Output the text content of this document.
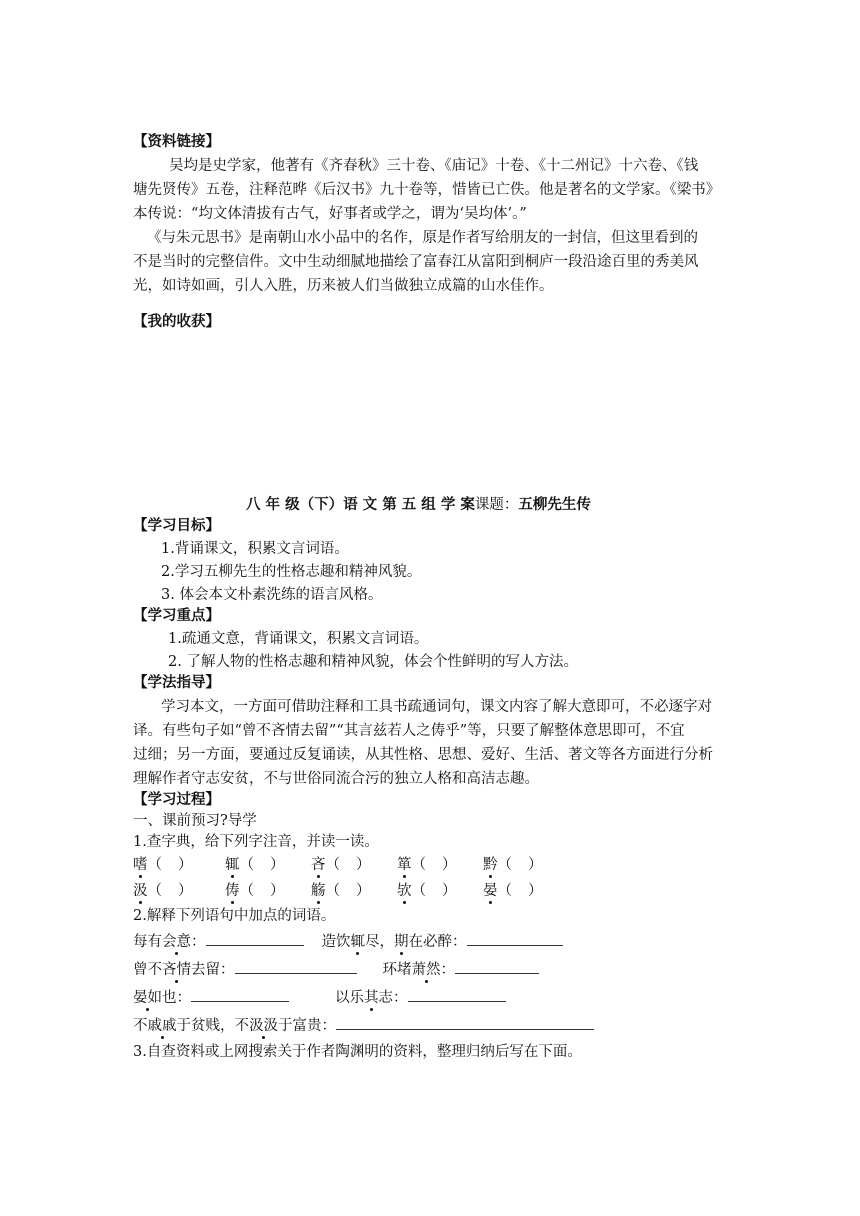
【资料链接】
吴均是史学家，他著有《齐春秋》三十卷、《庙记》十卷、《十二州记》十六卷、《钱
塘先贤传》五卷，注释范晔《后汉书》九十卷等，惜皆已亡佚。他是著名的文学家。《梁书》
本传说：“均文体清拔有古气，好事者或学之，谓为‘吴均体’。”
《与朱元思书》是南朝山水小品中的名作，原是作者写给朋友的一封信，但这里看到的
不是当时的完整信件。文中生动细腻地描绘了富春江从富阳到桐庐一段沿途百里的秀美风
光，如诗如画，引人入胜，历来被人们当做独立成篇的山水佳作。
【我的收获】
八 年 级（下）语 文 第 五 组 学 案课题：五柳先生传
【学习目标】
1.背诵课文，积累文言词语。
2.学习五柳先生的性格志趣和精神风貌。
3. 体会本文朴素洗练的语言风格。
【学习重点】
1.疏通文意，背诵课文，积累文言词语。
2. 了解人物的性格志趣和精神风貌，体会个性鲜明的写人方法。
【学法指导】
学习本文，一方面可借助注释和工具书疏通词句，课文内容了解大意即可，不必逐字对
译。有些句子如“曾不吝情去留”“其言兹若人之俦乎”等，只要了解整体意思即可，不宜
过细；另一方面，要通过反复诵读，从其性格、思想、爱好、生活、著文等各方面进行分析
理解作者守志安贫，不与世俗同流合污的独立人格和高洁志趣。
【学习过程】
一、课前预习?导学
1.查字典，给下列字注音，并读一读。
嗜（ ） 辄（ ） 吝（ ） 箪（ ） 黔（ ）
汲（ ） 俦（ ） 觞（ ） 欤（ ） 晏（ ）
2.解释下列语句中加点的词语。
每有会意：	造饮辄尽，期在必醉：
曾不吝情去留：	环堵萧然：
晏如也：	以乐其志：
不戚戚于贫贱，不汲汲于富贵：
3.自查资料或上网搜索关于作者陶渊明的资料，整理归纳后写在下面。
